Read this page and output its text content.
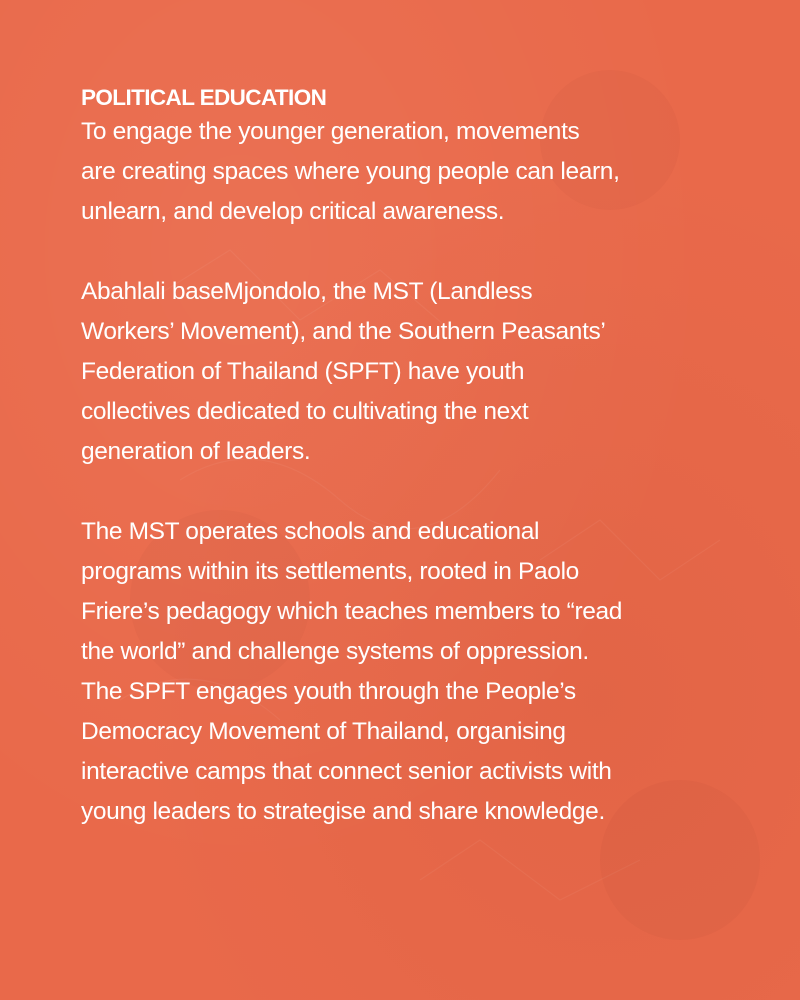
POLITICAL EDUCATION

To engage the younger generation, movements
are creating spaces where young people can learn,
unlearn, and develop critical awareness.

Abahlali baseMjondolo, the MST (Landless
Workers’ Movement), and the Southern Peasants’
Federation of Thailand (SPFT) have youth
collectives dedicated to cultivating the next
generation of leaders.

The MST operates schools and educational
programs within its settlements, rooted in Paolo
Friere’s pedagogy which teaches members to “read
the world” and challenge systems of oppression.
The SPFT engages youth through the People’s
Democracy Movement of Thailand, organising
interactive camps that connect senior activists with
young leaders to strategise and share knowledge.
